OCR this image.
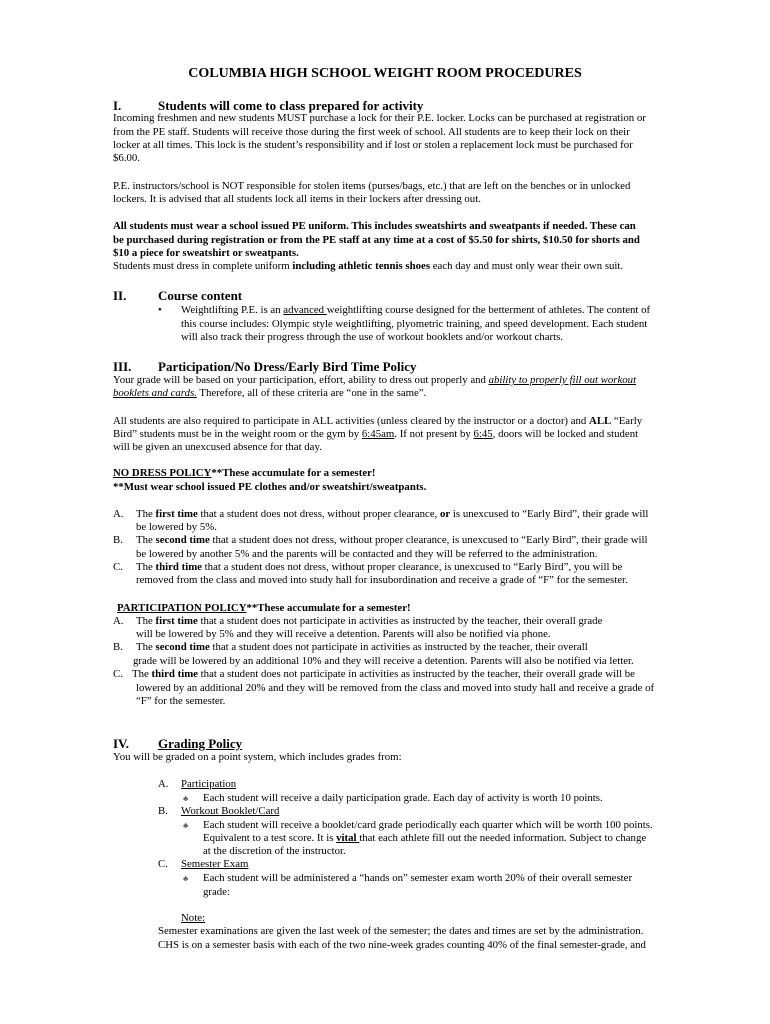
COLUMBIA HIGH SCHOOL WEIGHT ROOM PROCEDURES
I.	Students will come to class prepared for activity
Incoming freshmen and new students MUST purchase a lock for their P.E. locker. Locks can be purchased at registration or
from the PE staff. Students will receive those during the first week of school. All students are to keep their lock on their
locker at all times. This lock is the student’s responsibility and if lost or stolen a replacement lock must be purchased for
$6.00.
P.E. instructors/school is NOT responsible for stolen items (purses/bags, etc.) that are left on the benches or in unlocked
lockers. It is advised that all students lock all items in their lockers after dressing out.
All students must wear a school issued PE uniform. This includes sweatshirts and sweatpants if needed. These can
be purchased during registration or from the PE staff at any time at a cost of $5.50 for shirts, $10.50 for shorts and
$10 a piece for sweatshirt or sweatpants.
Students must dress in complete uniform including athletic tennis shoes each day and must only wear their own suit.
II. Course content
• Weightlifting P.E. is an advanced weightlifting course designed for the betterment of athletes. The content of
this course includes: Olympic style weightlifting, plyometric training, and speed development. Each student
will also track their progress through the use of workout booklets and/or workout charts.
III. Participation/No Dress/Early Bird Time Policy
Your grade will be based on your participation, effort, ability to dress out properly and ability to properly fill out workout
booklets and cards. Therefore, all of these criteria are “one in the same”.
All students are also required to participate in ALL activities (unless cleared by the instructor or a doctor) and ALL “Early
Bird” students must be in the weight room or the gym by 6:45am. If not present by 6:45, doors will be locked and student
will be given an unexcused absence for that day.
NO DRESS POLICY**These accumulate for a semester!
**Must wear school issued PE clothes and/or sweatshirt/sweatpants.
A. The first time that a student does not dress, without proper clearance, or is unexcused to “Early Bird”, their grade will
be lowered by 5%.
B. The second time that a student does not dress, without proper clearance, is unexcused to “Early Bird”, their grade will
be lowered by another 5% and the parents will be contacted and they will be referred to the administration.
C. The third time that a student does not dress, without proper clearance, is unexcused to “Early Bird”, you will be
removed from the class and moved into study hall for insubordination and receive a grade of “F” for the semester.
PARTICIPATION POLICY**These accumulate for a semester!
A. The first time that a student does not participate in activities as instructed by the teacher, their overall grade
will be lowered by 5% and they will receive a detention. Parents will also be notified via phone.
B. The second time that a student does not participate in activities as instructed by the teacher, their overall
grade will be lowered by an additional 10% and they will receive a detention. Parents will also be notified via letter.
C. The third time that a student does not participate in activities as instructed by the teacher, their overall grade will be
lowered by an additional 20% and they will be removed from the class and moved into study hall and receive a grade of
“F” for the semester.
IV. Grading Policy
You will be graded on a point system, which includes grades from:
A. Participation
♣ Each student will receive a daily participation grade. Each day of activity is worth 10 points.
B. Workout Booklet/Card
♣ Each student will receive a booklet/card grade periodically each quarter which will be worth 100 points.
Equivalent to a test score. It is vital that each athlete fill out the needed information. Subject to change
at the discretion of the instructor.
C. Semester Exam
♣ Each student will be administered a “hands on” semester exam worth 20% of their overall semester
grade:
Note:
Semester examinations are given the last week of the semester; the dates and times are set by the administration.
CHS is on a semester basis with each of the two nine-week grades counting 40% of the final semester-grade, and
